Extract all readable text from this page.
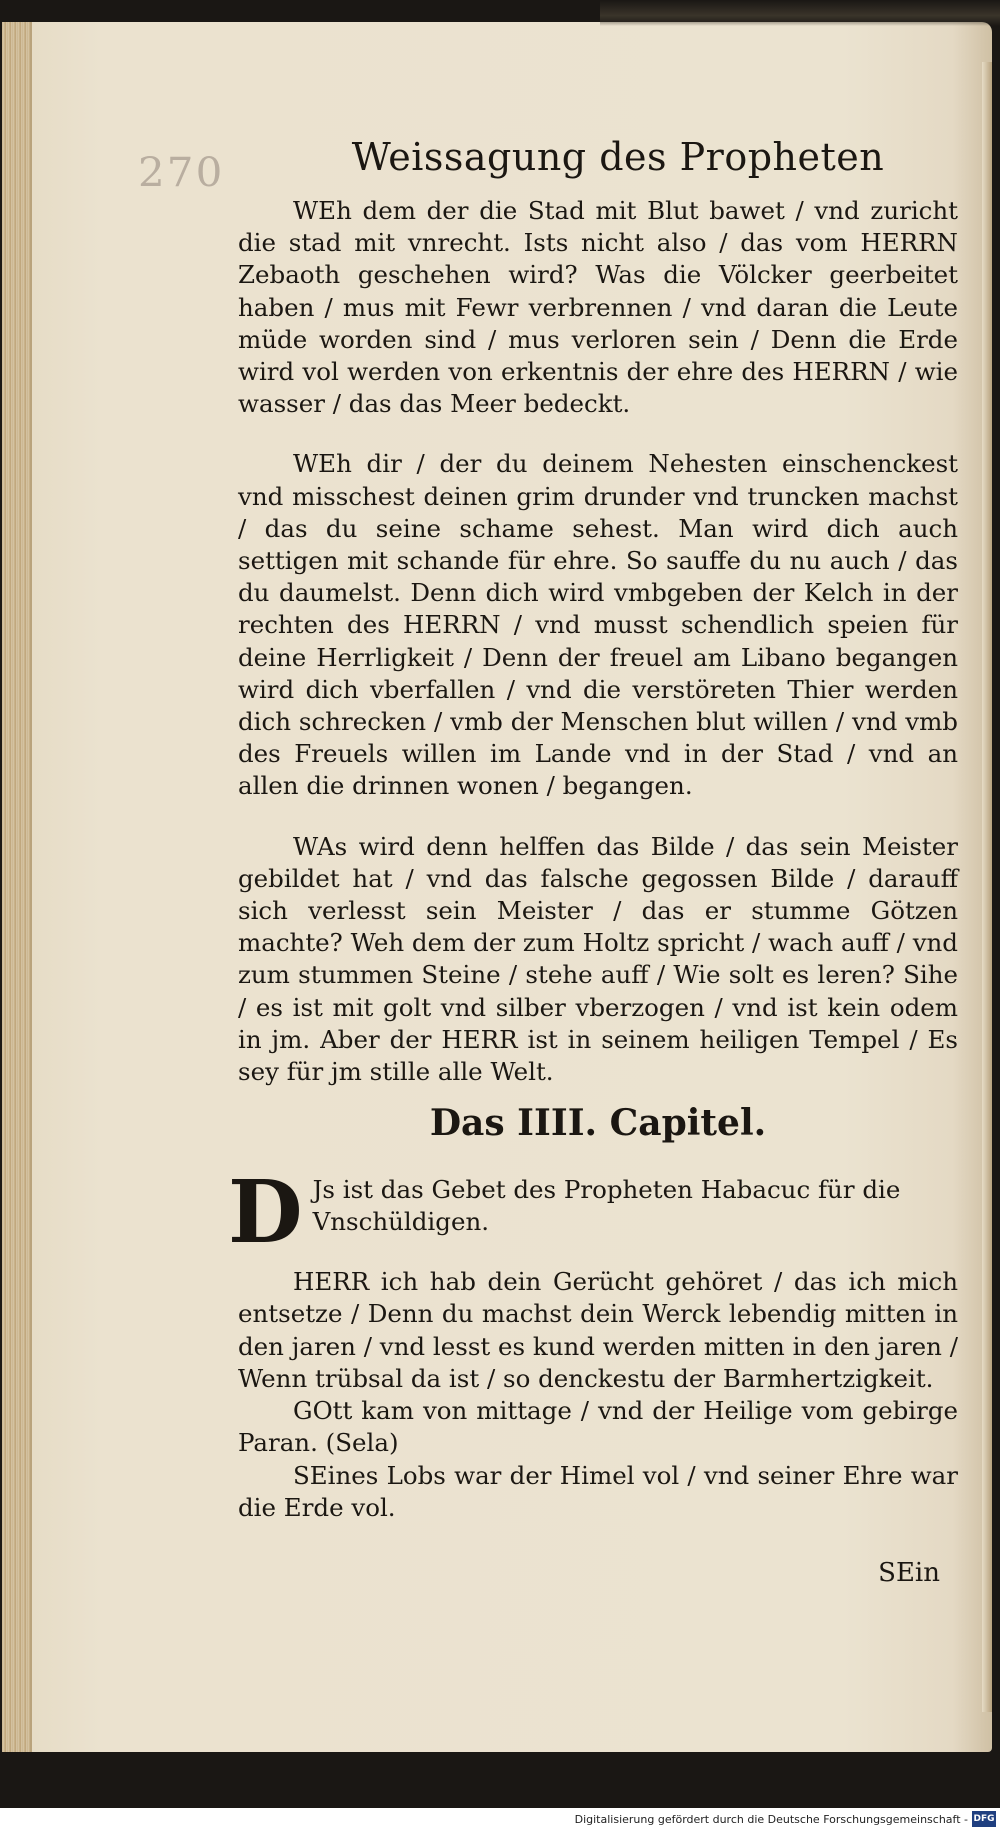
270	Weissagung des Propheten

WEh dem der die Stad mit Blut bawet / vnd zuricht die stad mit vnrecht. Ists nicht also / das vom HERRN Zebaoth geschehen wird? Was die Völcker geerbeitet haben / mus mit Fewr verbrennen / vnd daran die Leute müde worden sind / mus verloren sein / Denn die Erde wird vol werden von erkentnis der ehre des HERRN / wie wasser / das das Meer bedeckt.

WEh dir / der du deinem Nehesten einschenckest vnd misschest deinen grim drunder vnd truncken machst / das du seine schame sehest. Man wird dich auch settigen mit schande für ehre. So sauffe du nu auch / das du daumelst. Denn dich wird vmbgeben der Kelch in der rechten des HERRN / vnd musst schendlich speien für deine Herrligkeit / Denn der freuel am Libano begangen wird dich vberfallen / vnd die verstöreten Thier werden dich schrecken / vmb der Menschen blut willen / vnd vmb des Freuels willen im Lande vnd in der Stad / vnd an allen die drinnen wonen / begangen.

WAs wird denn helffen das Bilde / das sein Meister gebildet hat / vnd das falsche gegossen Bilde / darauff sich verlesst sein Meister / das er stumme Götzen machte? Weh dem der zum Holtz spricht / wach auff / vnd zum stummen Steine / stehe auff / Wie solt es leren? Sihe / es ist mit golt vnd silber vberzogen / vnd ist kein odem in jm. Aber der HERR ist in seinem heiligen Tempel / Es sey für jm stille alle Welt.

Das IIII. Capitel.
D Js ist das Gebet des Propheten Habacuc für die Vnschüldigen.

HERR ich hab dein Gerücht gehöret / das ich mich entsetze / Denn du machst dein Werck lebendig mitten in den jaren / vnd lesst es kund werden mitten in den jaren / Wenn trübsal da ist / so denckestu der Barmhertzigkeit.

GOtt kam von mittage / vnd der Heilige vom gebirge Paran. (Sela)

SEines Lobs war der Himel vol / vnd seiner Ehre war die Erde vol.

SEin
Digitalisierung gefördert durch die Deutsche Forschungsgemeinschaft - DFG
